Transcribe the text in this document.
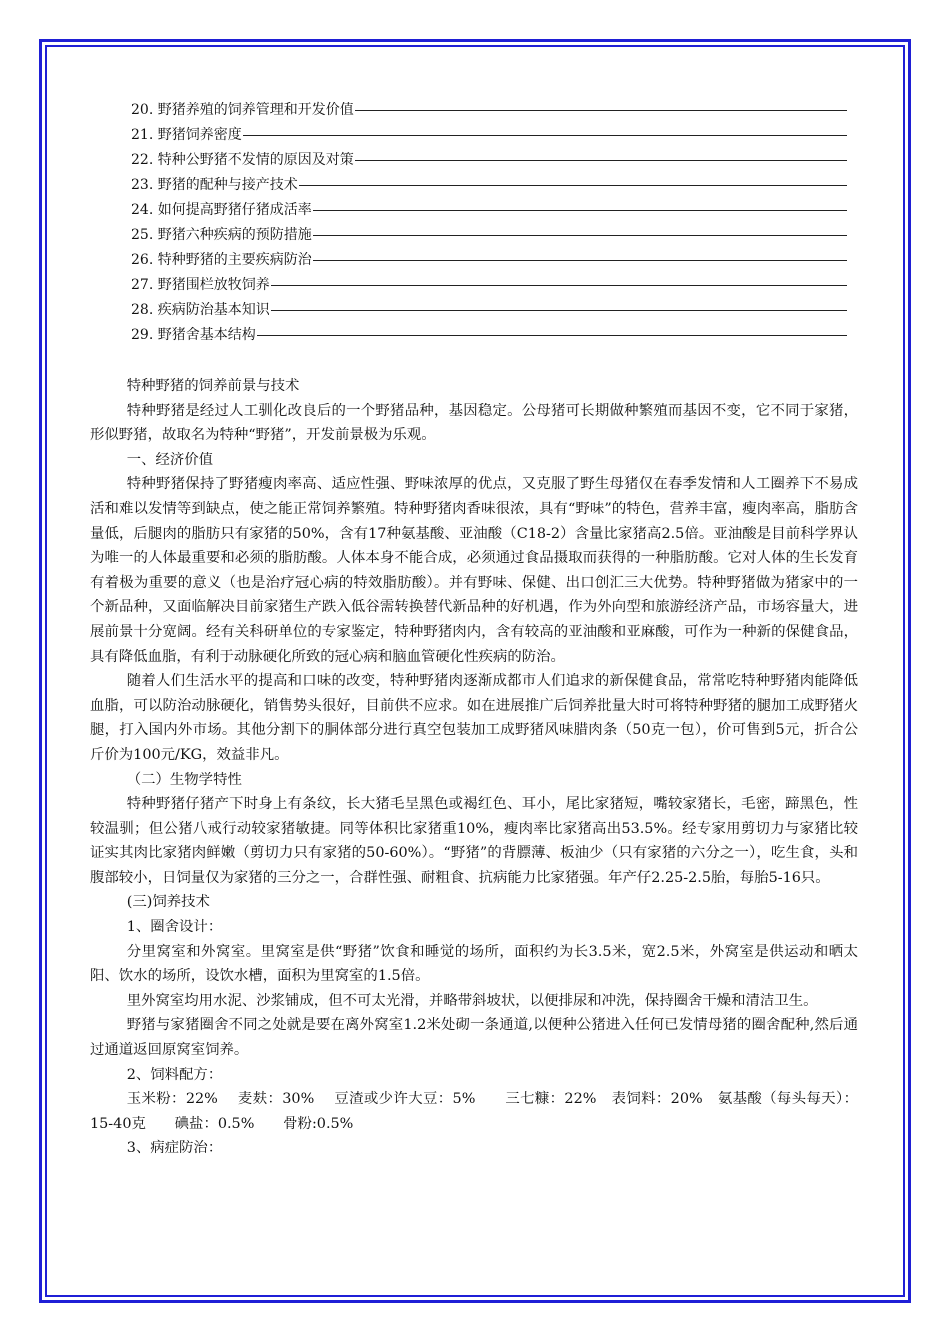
20. 野猪养殖的饲养管理和开发价值
21. 野猪饲养密度
22. 特种公野猪不发情的原因及对策
23. 野猪的配种与接产技术
24. 如何提高野猪仔猪成活率
25. 野猪六种疾病的预防措施
26. 特种野猪的主要疾病防治
27. 野猪围栏放牧饲养
28. 疾病防治基本知识
29. 野猪舍基本结构

特种野猪的饲养前景与技术

特种野猪是经过人工驯化改良后的一个野猪品种，基因稳定。公母猪可长期做种繁殖而基因不变，它不同于家猪，形似野猪，故取名为特种“野猪”，开发前景极为乐观。

一、经济价值

特种野猪保持了野猪瘦肉率高、适应性强、野味浓厚的优点，又克服了野生母猪仅在春季发情和人工圈养下不易成活和难以发情等到缺点，使之能正常饲养繁殖。特种野猪肉香味很浓，具有“野味”的特色，营养丰富，瘦肉率高，脂肪含量低，后腿肉的脂肪只有家猪的50%，含有17种氨基酸、亚油酸（C18-2）含量比家猪高2.5倍。亚油酸是目前科学界认为唯一的人体最重要和必须的脂肪酸。人体本身不能合成，必须通过食品摄取而获得的一种脂肪酸。它对人体的生长发育有着极为重要的意义（也是治疗冠心病的特效脂肪酸）。并有野味、保健、出口创汇三大优势。特种野猪做为猪家中的一个新品种，又面临解决目前家猪生产跌入低谷需转换替代新品种的好机遇，作为外向型和旅游经济产品，市场容量大，进展前景十分宽阔。经有关科研单位的专家鉴定，特种野猪肉内，含有较高的亚油酸和亚麻酸，可作为一种新的保健食品，具有降低血脂，有利于动脉硬化所致的冠心病和脑血管硬化性疾病的防治。

随着人们生活水平的提高和口味的改变，特种野猪肉逐渐成都市人们追求的新保健食品，常常吃特种野猪肉能降低血脂，可以防治动脉硬化，销售势头很好，目前供不应求。如在进展推广后饲养批量大时可将特种野猪的腿加工成野猪火腿，打入国内外市场。其他分割下的胴体部分进行真空包装加工成野猪风味腊肉条（50克一包），价可售到5元，折合公斤价为100元/KG，效益非凡。

（二）生物学特性

特种野猪仔猪产下时身上有条纹，长大猪毛呈黑色或褐红色、耳小，尾比家猪短，嘴较家猪长，毛密，蹄黑色，性较温驯；但公猪八戒行动较家猪敏捷。同等体积比家猪重10%，瘦肉率比家猪高出53.5%。经专家用剪切力与家猪比较证实其肉比家猪肉鲜嫩（剪切力只有家猪的50-60%）。“野猪”的背膘薄、板油少（只有家猪的六分之一），吃生食，头和腹部较小，日饲量仅为家猪的三分之一，合群性强、耐粗食、抗病能力比家猪强。年产仔2.25-2.5胎，每胎5-16只。

(三)饲养技术

1、圈舍设计：

分里窝室和外窝室。里窝室是供“野猪”饮食和睡觉的场所，面积约为长3.5米，宽2.5米，外窝室是供运动和晒太阳、饮水的场所，设饮水槽，面积为里窝室的1.5倍。

里外窝室均用水泥、沙浆铺成，但不可太光滑，并略带斜坡状，以便排尿和冲洗，保持圈舍干燥和清洁卫生。

野猪与家猪圈舍不同之处就是要在离外窝室1.2米处砌一条通道,以便种公猪进入任何已发情母猪的圈舍配种,然后通过通道返回原窝室饲养。

2、饲料配方：

玉米粉：22%　 麦麸：30%　 豆渣或少许大豆：5%　　三七糠：22%　表饲料：20%　氨基酸（每头每天）：15-40克　　碘盐：0.5%　　骨粉:0.5%

3、病症防治：
